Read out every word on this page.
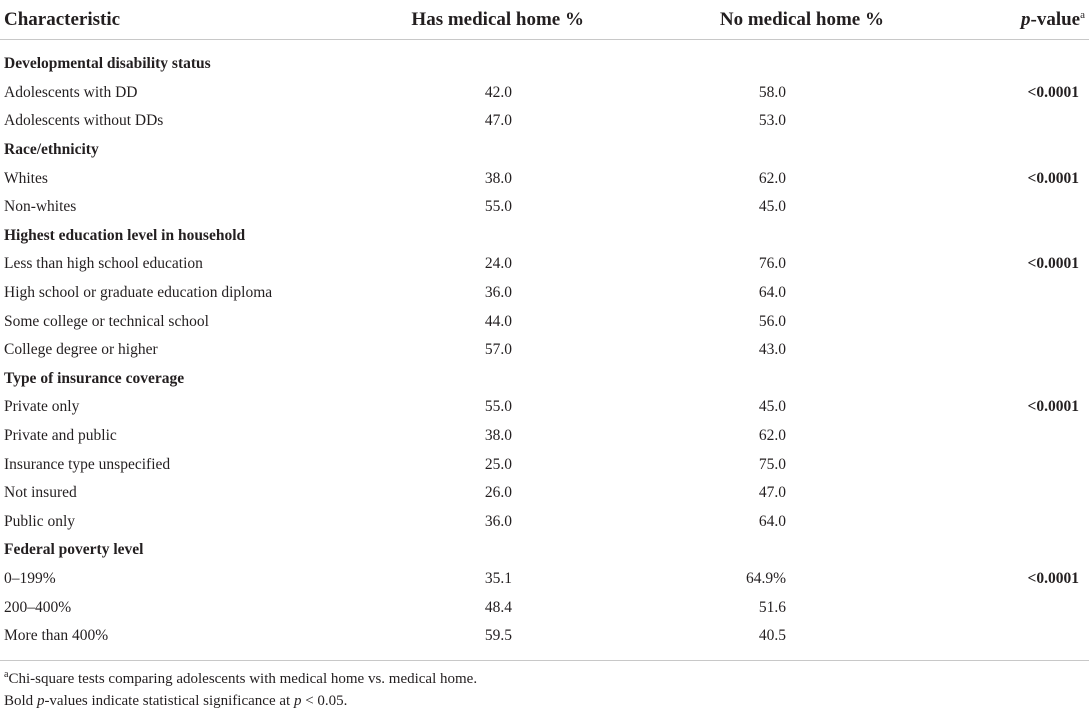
Characteristic	Has medical home %	No medical home %	p-value$^a$

Developmental disability status			
Adolescents with DD	42.0	58.0	<0.0001
Adolescents without DDs	47.0	53.0	
Race/ethnicity			
Whites	38.0	62.0	<0.0001
Non-whites	55.0	45.0	
Highest education level in household			
Less than high school education	24.0	76.0	<0.0001
High school or graduate education diploma	36.0	64.0	
Some college or technical school	44.0	56.0	
College degree or higher	57.0	43.0	
Type of insurance coverage			
Private only	55.0	45.0	<0.0001
Private and public	38.0	62.0	
Insurance type unspecified	25.0	75.0	
Not insured	26.0	47.0	
Public only	36.0	64.0	
Federal poverty level			
0–199%	35.1	64.9%	<0.0001
200–400%	48.4	51.6	
More than 400%	59.5	40.5	
$^a$Chi-square tests comparing adolescents with medical home vs. medical home.
Bold p-values indicate statistical significance at p < 0.05.
